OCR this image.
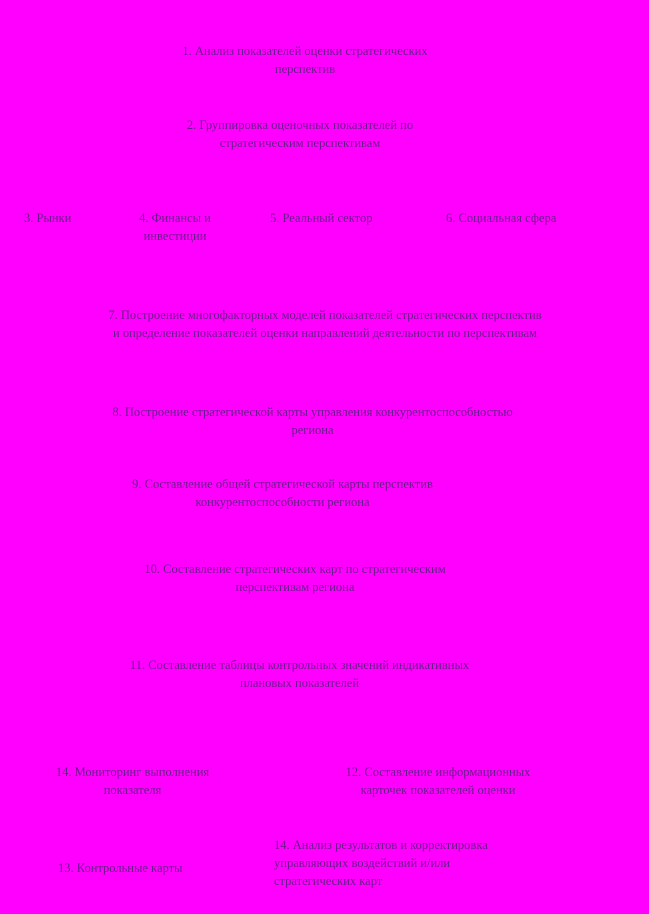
1. Анализ показателей оценки стратегических
перспектив
2. Группировка оценочных показателей по
стратегическим перспективам
3. Рынки	4. Финансы и
инвестиции
5. Реальный сектор	6. Социальная сфера
7. Построение многофакторных моделей показателей стратегических перспектив
и определение показателей оценки направлений деятельности по перспективам
8. Построение стратегической карты управления конкурентоспособностью
региона
9. Составление общей стратегической карты перспектив
конкурентоспособности региона
10. Составление стратегических карт по стратегическим
перспективам региона
11. Составление таблицы контрольных значений индикативных
плановых показателей
14. Мониторинг выполнения
показателя
12. Составление информационных
карточек показателей оценки
13. Контрольные карты
14. Анализ результатов и корректировка
управляющих воздействий и/или
стратегических карт
